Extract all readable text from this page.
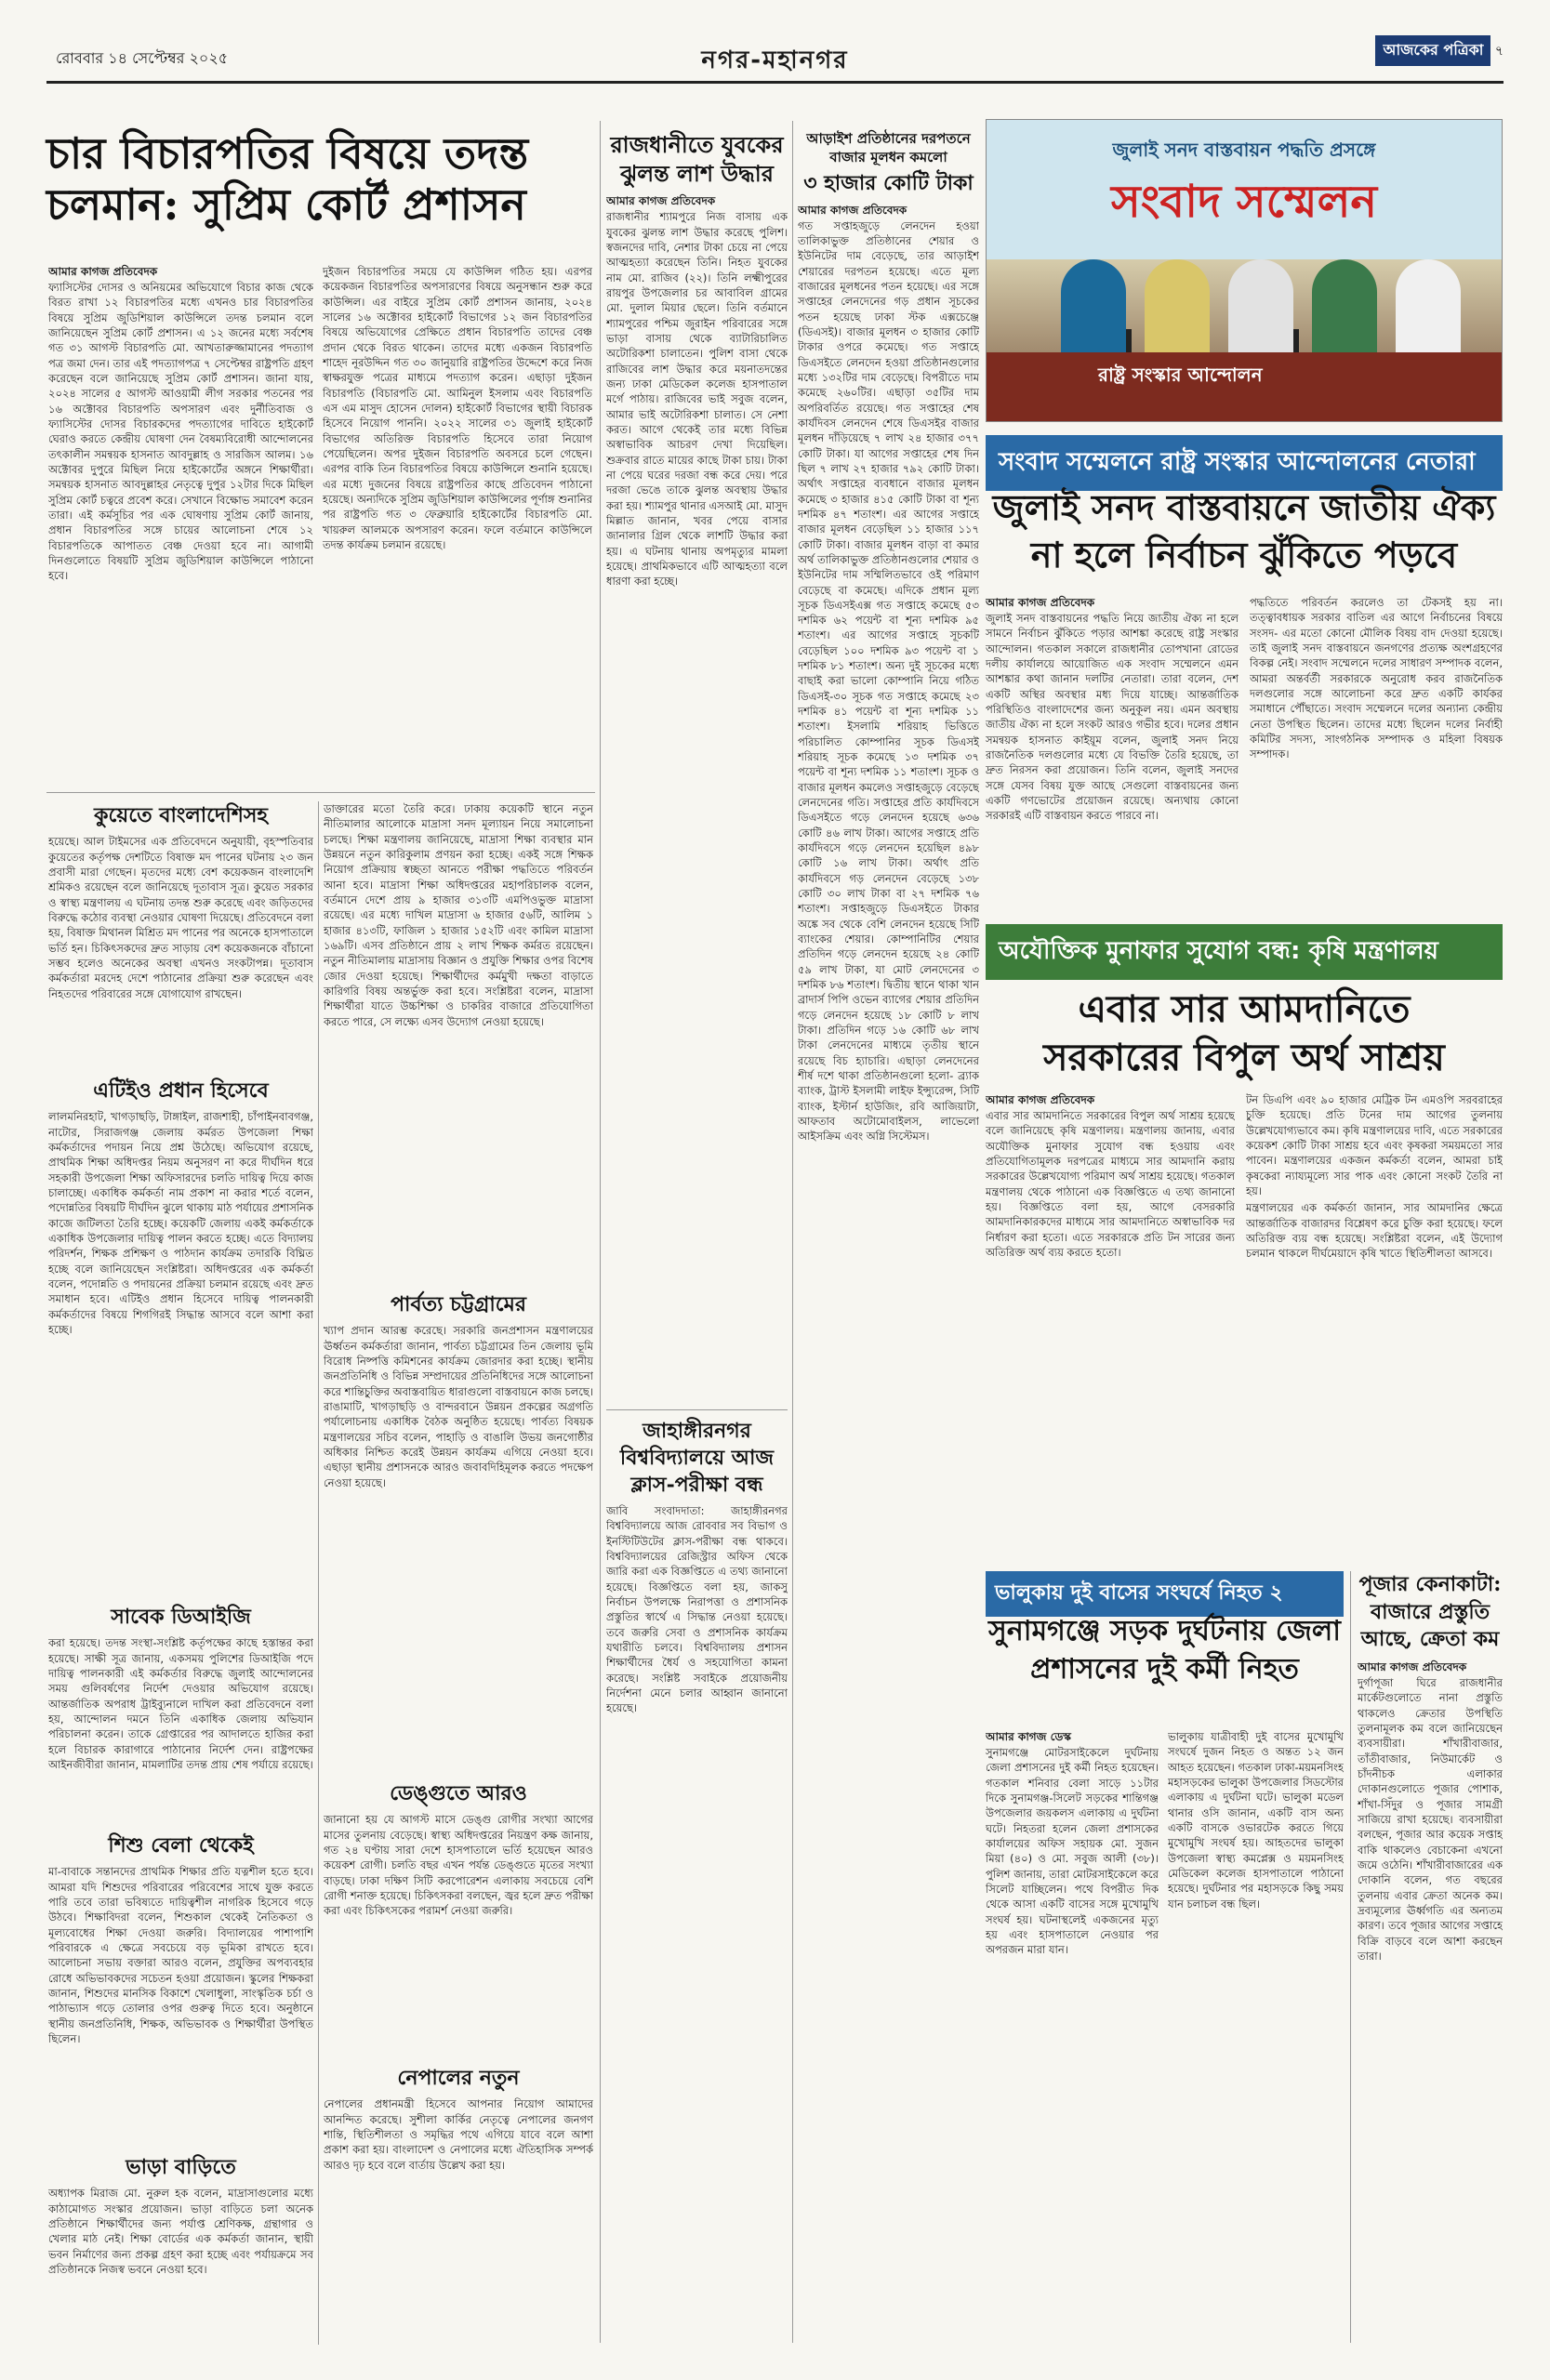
রোববার ১৪ সেপ্টেম্বর ২০২৫	নগর-মহানগর	আজকের পত্রিকা ৭
চার বিচারপতির বিষয়ে তদন্ত
চলমান: সুপ্রিম কোর্ট প্রশাসন
আমার কাগজ প্রতিবেদক

ফ্যাসিস্টের দোসর ও অনিয়মের অভিযোগে বিচার কাজ থেকে বিরত রাখা ১২ বিচারপতির মধ্যে এখনও চার বিচারপতির বিষয়ে সুপ্রিম জুডিশিয়াল কাউন্সিলে তদন্ত চলমান বলে জানিয়েছেন সুপ্রিম কোর্ট প্রশাসন। এ ১২ জনের মধ্যে সর্বশেষ গত ৩১ আগস্ট বিচারপতি মো. আখতারুজ্জামানের পদত্যাগ পত্র জমা দেন। তার এই পদত্যাগপত্র ৭ সেপ্টেম্বর রাষ্ট্রপতি গ্রহণ করেছেন বলে জানিয়েছে সুপ্রিম কোর্ট প্রশাসন। জানা যায়, ২০২৪ সালের ৫ আগস্ট আওয়ামী লীগ সরকার পতনের পর ১৬ অক্টোবর বিচারপতি অপসারণ এবং দুর্নীতিবাজ ও ফ্যাসিস্টের দোসর বিচারকদের পদত্যাগের দাবিতে হাইকোর্ট ঘেরাও করতে কেন্দ্রীয় ঘোষণা দেন বৈষম্যবিরোধী আন্দোলনের তৎকালীন সমন্বয়ক হাসনাত আবদুল্লাহ ও সারজিস আলম। ১৬ অক্টোবর দুপুরে মিছিল নিয়ে হাইকোর্টের অঙ্গনে শিক্ষার্থীরা। সমন্বয়ক হাসনাত আবদুল্লাহর নেতৃত্বে দুপুর ১২টার দিকে মিছিল সুপ্রিম কোর্ট চত্বরে প্রবেশ করে। সেখানে বিক্ষোভ সমাবেশ করেন তারা। এই কর্মসূচির পর এক ঘোষণায় সুপ্রিম কোর্ট জানায়, প্রধান বিচারপতির সঙ্গে চায়ের আলোচনা শেষে ১২ বিচারপতিকে আপাতত বেঞ্চ দেওয়া হবে না। আগামী দিনগুলোতে বিষয়টি সুপ্রিম জুডিশিয়াল কাউন্সিলে পাঠানো হবে।

দুইজন বিচারপতির সময়ে যে কাউন্সিল গঠিত হয়। এরপর কয়েকজন বিচারপতির অপসারণের বিষয়ে অনুসন্ধান শুরু করে কাউন্সিল। এর বাইরে সুপ্রিম কোর্ট প্রশাসন জানায়, ২০২৪ সালের ১৬ অক্টোবর হাইকোর্ট বিভাগের ১২ জন বিচারপতির বিষয়ে অভিযোগের প্রেক্ষিতে প্রধান বিচারপতি তাদের বেঞ্চ প্রদান থেকে বিরত থাকেন। তাদের মধ্যে একজন বিচারপতি শাহেদ নূরউদ্দিন গত ৩০ জানুয়ারি রাষ্ট্রপতির উদ্দেশে করে নিজ স্বাক্ষরযুক্ত পত্রের মাধ্যমে পদত্যাগ করেন। এছাড়া দুইজন বিচারপতি (বিচারপতি মো. আমিনুল ইসলাম এবং বিচারপতি এস এম মাসুদ হোসেন দোলন) হাইকোর্ট বিভাগের স্থায়ী বিচারক হিসেবে নিয়োগ পাননি। ২০২২ সালের ৩১ জুলাই হাইকোর্ট বিভাগের অতিরিক্ত বিচারপতি হিসেবে তারা নিয়োগ পেয়েছিলেন। অপর দুইজন বিচারপতি অবসরে চলে গেছেন। এরপর বাকি তিন বিচারপতির বিষয়ে কাউন্সিলে শুনানি হয়েছে। এর মধ্যে দুজনের বিষয়ে রাষ্ট্রপতির কাছে প্রতিবেদন পাঠানো হয়েছে। অন্যদিকে সুপ্রিম জুডিশিয়াল কাউন্সিলের পূর্ণাঙ্গ শুনানির পর রাষ্ট্রপতি গত ৩ ফেব্রুয়ারি হাইকোর্টের বিচারপতি মো. খায়রুল আলমকে অপসারণ করেন। ফলে বর্তমানে কাউন্সিলে তদন্ত কার্যক্রম চলমান রয়েছে।

কুয়েতে বাংলাদেশিসহ

হয়েছে। আল টাইমসের এক প্রতিবেদনে অনুযায়ী, বৃহস্পতিবার কুয়েতের কর্তৃপক্ষ দেশটিতে বিষাক্ত মদ পানের ঘটনায় ২৩ জন প্রবাসী মারা গেছেন। মৃতদের মধ্যে বেশ কয়েকজন বাংলাদেশি শ্রমিকও রয়েছেন বলে জানিয়েছে দূতাবাস সূত্র। কুয়েত সরকার ও স্বাস্থ্য মন্ত্রণালয় এ ঘটনায় তদন্ত শুরু করেছে এবং জড়িতদের বিরুদ্ধে কঠোর ব্যবস্থা নেওয়ার ঘোষণা দিয়েছে। প্রতিবেদনে বলা হয়, বিষাক্ত মিথানল মিশ্রিত মদ পানের পর অনেকে হাসপাতালে ভর্তি হন। চিকিৎসকদের দ্রুত সাড়ায় বেশ কয়েকজনকে বাঁচানো সম্ভব হলেও অনেকের অবস্থা এখনও সংকটাপন্ন। দূতাবাস কর্মকর্তারা মরদেহ দেশে পাঠানোর প্রক্রিয়া শুরু করেছেন এবং নিহতদের পরিবারের সঙ্গে যোগাযোগ রাখছেন।

এটিইও প্রধান হিসেবে

লালমনিরহাট, খাগড়াছড়ি, টাঙ্গাইল, রাজশাহী, চাঁপাইনবাবগঞ্জ, নাটোর, সিরাজগঞ্জ জেলায় কর্মরত উপজেলা শিক্ষা কর্মকর্তাদের পদায়ন নিয়ে প্রশ্ন উঠেছে। অভিযোগ রয়েছে, প্রাথমিক শিক্ষা অধিদপ্তর নিয়ম অনুসরণ না করে দীর্ঘদিন ধরে সহকারী উপজেলা শিক্ষা অফিসারদের চলতি দায়িত্ব দিয়ে কাজ চালাচ্ছে। একাধিক কর্মকর্তা নাম প্রকাশ না করার শর্তে বলেন, পদোন্নতির বিষয়টি দীর্ঘদিন ঝুলে থাকায় মাঠ পর্যায়ের প্রশাসনিক কাজে জটিলতা তৈরি হচ্ছে। কয়েকটি জেলায় একই কর্মকর্তাকে একাধিক উপজেলার দায়িত্ব পালন করতে হচ্ছে। এতে বিদ্যালয় পরিদর্শন, শিক্ষক প্রশিক্ষণ ও পাঠদান কার্যক্রম তদারকি বিঘ্নিত হচ্ছে বলে জানিয়েছেন সংশ্লিষ্টরা। অধিদপ্তরের এক কর্মকর্তা বলেন, পদোন্নতি ও পদায়নের প্রক্রিয়া চলমান রয়েছে এবং দ্রুত সমাধান হবে। এটিইও প্রধান হিসেবে দায়িত্ব পালনকারী কর্মকর্তাদের বিষয়ে শিগগিরই সিদ্ধান্ত আসবে বলে আশা করা হচ্ছে।

সাবেক ডিআইজি

করা হয়েছে। তদন্ত সংস্থা-সংশ্লিষ্ট কর্তৃপক্ষের কাছে হস্তান্তর করা হয়েছে। সাক্ষী সূত্র জানায়, একসময় পুলিশের ডিআইজি পদে দায়িত্ব পালনকারী এই কর্মকর্তার বিরুদ্ধে জুলাই আন্দোলনের সময় গুলিবর্ষণের নির্দেশ দেওয়ার অভিযোগ রয়েছে। আন্তর্জাতিক অপরাধ ট্রাইব্যুনালে দাখিল করা প্রতিবেদনে বলা হয়, আন্দোলন দমনে তিনি একাধিক জেলায় অভিযান পরিচালনা করেন। তাকে গ্রেপ্তারের পর আদালতে হাজির করা হলে বিচারক কারাগারে পাঠানোর নির্দেশ দেন। রাষ্ট্রপক্ষের আইনজীবীরা জানান, মামলাটির তদন্ত প্রায় শেষ পর্যায়ে রয়েছে।

শিশু বেলা থেকেই

মা-বাবাকে সন্তানদের প্রাথমিক শিক্ষার প্রতি যত্নশীল হতে হবে। আমরা যদি শিশুদের পরিবারের পরিবেশের সাথে যুক্ত করতে পারি তবে তারা ভবিষ্যতে দায়িত্বশীল নাগরিক হিসেবে গড়ে উঠবে। শিক্ষাবিদরা বলেন, শিশুকাল থেকেই নৈতিকতা ও মূল্যবোধের শিক্ষা দেওয়া জরুরি। বিদ্যালয়ের পাশাপাশি পরিবারকে এ ক্ষেত্রে সবচেয়ে বড় ভূমিকা রাখতে হবে। আলোচনা সভায় বক্তারা আরও বলেন, প্রযুক্তির অপব্যবহার রোধে অভিভাবকদের সচেতন হওয়া প্রয়োজন। স্কুলের শিক্ষকরা জানান, শিশুদের মানসিক বিকাশে খেলাধুলা, সাংস্কৃতিক চর্চা ও পাঠাভ্যাস গড়ে তোলার ওপর গুরুত্ব দিতে হবে। অনুষ্ঠানে স্থানীয় জনপ্রতিনিধি, শিক্ষক, অভিভাবক ও শিক্ষার্থীরা উপস্থিত ছিলেন।

ভাড়া বাড়িতে

অধ্যাপক মিরাজ মো. নুরুল হক বলেন, মাদ্রাসাগুলোর মধ্যে কাঠামোগত সংস্কার প্রয়োজন। ভাড়া বাড়িতে চলা অনেক প্রতিষ্ঠানে শিক্ষার্থীদের জন্য পর্যাপ্ত শ্রেণিকক্ষ, গ্রন্থাগার ও খেলার মাঠ নেই। শিক্ষা বোর্ডের এক কর্মকর্তা জানান, স্থায়ী ভবন নির্মাণের জন্য প্রকল্প গ্রহণ করা হচ্ছে এবং পর্যায়ক্রমে সব প্রতিষ্ঠানকে নিজস্ব ভবনে নেওয়া হবে।

ডাক্তারের মতো তৈরি করে। ঢাকায় কয়েকটি স্থানে নতুন নীতিমালার আলোকে মাদ্রাসা সনদ মূল্যায়ন নিয়ে সমালোচনা চলছে। শিক্ষা মন্ত্রণালয় জানিয়েছে, মাদ্রাসা শিক্ষা ব্যবস্থার মান উন্নয়নে নতুন কারিকুলাম প্রণয়ন করা হচ্ছে। একই সঙ্গে শিক্ষক নিয়োগ প্রক্রিয়ায় স্বচ্ছতা আনতে পরীক্ষা পদ্ধতিতে পরিবর্তন আনা হবে। মাদ্রাসা শিক্ষা অধিদপ্তরের মহাপরিচালক বলেন, বর্তমানে দেশে প্রায় ৯ হাজার ৩১৩টি এমপিওভুক্ত মাদ্রাসা রয়েছে। এর মধ্যে দাখিল মাদ্রাসা ৬ হাজার ৫৬টি, আলিম ১ হাজার ৪১৩টি, ফাজিল ১ হাজার ১৫২টি এবং কামিল মাদ্রাসা ১৬৯টি। এসব প্রতিষ্ঠানে প্রায় ২ লাখ শিক্ষক কর্মরত রয়েছেন। নতুন নীতিমালায় মাদ্রাসায় বিজ্ঞান ও প্রযুক্তি শিক্ষার ওপর বিশেষ জোর দেওয়া হয়েছে। শিক্ষার্থীদের কর্মমুখী দক্ষতা বাড়াতে কারিগরি বিষয় অন্তর্ভুক্ত করা হবে। সংশ্লিষ্টরা বলেন, মাদ্রাসা শিক্ষার্থীরা যাতে উচ্চশিক্ষা ও চাকরির বাজারে প্রতিযোগিতা করতে পারে, সে লক্ষ্যে এসব উদ্যোগ নেওয়া হয়েছে।

পার্বত্য চট্টগ্রামের

খ্যাপ প্রদান আরম্ভ করেছে। সরকারি জনপ্রশাসন মন্ত্রণালয়ের ঊর্ধ্বতন কর্মকর্তারা জানান, পার্বত্য চট্টগ্রামের তিন জেলায় ভূমি বিরোধ নিষ্পত্তি কমিশনের কার্যক্রম জোরদার করা হচ্ছে। স্থানীয় জনপ্রতিনিধি ও বিভিন্ন সম্প্রদায়ের প্রতিনিধিদের সঙ্গে আলোচনা করে শান্তিচুক্তির অবাস্তবায়িত ধারাগুলো বাস্তবায়নে কাজ চলছে। রাঙামাটি, খাগড়াছড়ি ও বান্দরবানে উন্নয়ন প্রকল্পের অগ্রগতি পর্যালোচনায় একাধিক বৈঠক অনুষ্ঠিত হয়েছে। পার্বত্য বিষয়ক মন্ত্রণালয়ের সচিব বলেন, পাহাড়ি ও বাঙালি উভয় জনগোষ্ঠীর অধিকার নিশ্চিত করেই উন্নয়ন কার্যক্রম এগিয়ে নেওয়া হবে। এছাড়া স্থানীয় প্রশাসনকে আরও জবাবদিহিমূলক করতে পদক্ষেপ নেওয়া হয়েছে।

ডেঙ্গুতে আরও

জানানো হয় যে আগস্ট মাসে ডেঙ্গু রোগীর সংখ্যা আগের মাসের তুলনায় বেড়েছে। স্বাস্থ্য অধিদপ্তরের নিয়ন্ত্রণ কক্ষ জানায়, গত ২৪ ঘণ্টায় সারা দেশে হাসপাতালে ভর্তি হয়েছেন আরও কয়েকশ রোগী। চলতি বছর এখন পর্যন্ত ডেঙ্গুতে মৃতের সংখ্যা বাড়ছে। ঢাকা দক্ষিণ সিটি করপোরেশন এলাকায় সবচেয়ে বেশি রোগী শনাক্ত হয়েছে। চিকিৎসকরা বলছেন, জ্বর হলে দ্রুত পরীক্ষা করা এবং চিকিৎসকের পরামর্শ নেওয়া জরুরি।

নেপালের নতুন

নেপালের প্রধানমন্ত্রী হিসেবে আপনার নিয়োগ আমাদের আনন্দিত করেছে। সুশীলা কার্কির নেতৃত্বে নেপালের জনগণ শান্তি, স্থিতিশীলতা ও সমৃদ্ধির পথে এগিয়ে যাবে বলে আশা প্রকাশ করা হয়। বাংলাদেশ ও নেপালের মধ্যে ঐতিহাসিক সম্পর্ক আরও দৃঢ় হবে বলে বার্তায় উল্লেখ করা হয়।

রাজধানীতে যুবকের ঝুলন্ত লাশ উদ্ধার
আমার কাগজ প্রতিবেদক

রাজধানীর শ্যামপুরে নিজ বাসায় এক যুবকের ঝুলন্ত লাশ উদ্ধার করেছে পুলিশ। স্বজনদের দাবি, নেশার টাকা চেয়ে না পেয়ে আত্মহত্যা করেছেন তিনি। নিহত যুবকের নাম মো. রাজিব (২২)। তিনি লক্ষ্মীপুরের রায়পুর উপজেলার চর আবাবিল গ্রামের মো. দুলাল মিয়ার ছেলে। তিনি বর্তমানে শ্যামপুরের পশ্চিম জুরাইন পরিবারের সঙ্গে ভাড়া বাসায় থেকে ব্যাটারিচালিত অটোরিকশা চালাতেন। পুলিশ বাসা থেকে রাজিবের লাশ উদ্ধার করে ময়নাতদন্তের জন্য ঢাকা মেডিকেল কলেজ হাসপাতাল মর্গে পাঠায়। রাজিবের ভাই সবুজ বলেন, আমার ভাই অটোরিকশা চালাত। সে নেশা করত। আগে থেকেই তার মধ্যে বিভিন্ন অস্বাভাবিক আচরণ দেখা দিয়েছিল। শুক্রবার রাতে মায়ের কাছে টাকা চায়। টাকা না পেয়ে ঘরের দরজা বন্ধ করে দেয়। পরে দরজা ভেঙে তাকে ঝুলন্ত অবস্থায় উদ্ধার করা হয়। শ্যামপুর থানার এসআই মো. মাসুদ মিল্লাত জানান, খবর পেয়ে বাসার জানালার গ্রিল থেকে লাশটি উদ্ধার করা হয়। এ ঘটনায় থানায় অপমৃত্যুর মামলা হয়েছে। প্রাথমিকভাবে এটি আত্মহত্যা বলে ধারণা করা হচ্ছে।

জাহাঙ্গীরনগর বিশ্ববিদ্যালয়ে আজ ক্লাস-পরীক্ষা বন্ধ

জাবি সংবাদদাতা: জাহাঙ্গীরনগর বিশ্ববিদ্যালয়ে আজ রোববার সব বিভাগ ও ইনস্টিটিউটের ক্লাস-পরীক্ষা বন্ধ থাকবে। বিশ্ববিদ্যালয়ের রেজিস্ট্রার অফিস থেকে জারি করা এক বিজ্ঞপ্তিতে এ তথ্য জানানো হয়েছে। বিজ্ঞপ্তিতে বলা হয়, জাকসু নির্বাচন উপলক্ষে নিরাপত্তা ও প্রশাসনিক প্রস্তুতির স্বার্থে এ সিদ্ধান্ত নেওয়া হয়েছে। তবে জরুরি সেবা ও প্রশাসনিক কার্যক্রম যথারীতি চলবে। বিশ্ববিদ্যালয় প্রশাসন শিক্ষার্থীদের ধৈর্য ও সহযোগিতা কামনা করেছে। সংশ্লিষ্ট সবাইকে প্রয়োজনীয় নির্দেশনা মেনে চলার আহ্বান জানানো হয়েছে।

আড়াইশ প্রতিষ্ঠানের দরপতনে বাজার মূলধন কমলো
৩ হাজার কোটি টাকা
আমার কাগজ প্রতিবেদক

গত সপ্তাহজুড়ে লেনদেন হওয়া তালিকাভুক্ত প্রতিষ্ঠানের শেয়ার ও ইউনিটের দাম বেড়েছে, তার আড়াইশ শেয়ারের দরপতন হয়েছে। এতে মূল্য বাজারের মূলধনের পতন হয়েছে। এর সঙ্গে সপ্তাহের লেনদেনের গড় প্রধান সূচকের পতন হয়েছে ঢাকা স্টক এক্সচেঞ্জে (ডিএসই)। বাজার মূলধন ৩ হাজার কোটি টাকার ওপরে কমেছে। গত সপ্তাহে ডিএসইতে লেনদেন হওয়া প্রতিষ্ঠানগুলোর মধ্যে ১৩২টির দাম বেড়েছে। বিপরীতে দাম কমেছে ২৬০টির। এছাড়া ৩৫টির দাম অপরিবর্তিত রয়েছে। গত সপ্তাহের শেষ কার্যদিবস লেনদেন শেষে ডিএসইর বাজার মূলধন দাঁড়িয়েছে ৭ লাখ ২৪ হাজার ৩৭৭ কোটি টাকা। যা আগের সপ্তাহের শেষ দিন ছিল ৭ লাখ ২৭ হাজার ৭৯২ কোটি টাকা। অর্থাৎ সপ্তাহের ব্যবধানে বাজার মূলধন কমেছে ৩ হাজার ৪১৫ কোটি টাকা বা শূন্য দশমিক ৪৭ শতাংশ। এর আগের সপ্তাহে বাজার মূলধন বেড়েছিল ১১ হাজার ১১৭ কোটি টাকা। বাজার মূলধন বাড়া বা কমার অর্থ তালিকাভুক্ত প্রতিষ্ঠানগুলোর শেয়ার ও ইউনিটের দাম সম্মিলিতভাবে ওই পরিমাণ বেড়েছে বা কমেছে। এদিকে প্রধান মূল্য সূচক ডিএসইএক্স গত সপ্তাহে কমেছে ৫৩ দশমিক ৬২ পয়েন্ট বা শূন্য দশমিক ৯৫ শতাংশ। এর আগের সপ্তাহে সূচকটি বেড়েছিল ১০০ দশমিক ৯৩ পয়েন্ট বা ১ দশমিক ৮১ শতাংশ। অন্য দুই সূচকের মধ্যে বাছাই করা ভালো কোম্পানি নিয়ে গঠিত ডিএসই-৩০ সূচক গত সপ্তাহে কমেছে ২৩ দশমিক ৪১ পয়েন্ট বা শূন্য দশমিক ১১ শতাংশ। ইসলামি শরিয়াহ ভিত্তিতে পরিচালিত কোম্পানির সূচক ডিএসই শরিয়াহ সূচক কমেছে ১৩ দশমিক ৩৭ পয়েন্ট বা শূন্য দশমিক ১১ শতাংশ। সূচক ও বাজার মূলধন কমলেও সপ্তাহজুড়ে বেড়েছে লেনদেনের গতি। সপ্তাহের প্রতি কার্যদিবসে ডিএসইতে গড়ে লেনদেন হয়েছে ৬৩৬ কোটি ৪৬ লাখ টাকা। আগের সপ্তাহে প্রতি কার্যদিবসে গড়ে লেনদেন হয়েছিল ৪৯৮ কোটি ১৬ লাখ টাকা। অর্থাৎ প্রতি কার্যদিবসে গড় লেনদেন বেড়েছে ১৩৮ কোটি ৩০ লাখ টাকা বা ২৭ দশমিক ৭৬ শতাংশ। সপ্তাহজুড়ে ডিএসইতে টাকার অঙ্কে সব থেকে বেশি লেনদেন হয়েছে সিটি ব্যাংকের শেয়ার। কোম্পানিটির শেয়ার প্রতিদিন গড়ে লেনদেন হয়েছে ২৪ কোটি ৫৯ লাখ টাকা, যা মোট লেনদেনের ৩ দশমিক ৮৬ শতাংশ। দ্বিতীয় স্থানে থাকা খান ব্রাদার্স পিপি ওভেন ব্যাগের শেয়ার প্রতিদিন গড়ে লেনদেন হয়েছে ১৮ কোটি ৮ লাখ টাকা। প্রতিদিন গড়ে ১৬ কোটি ৬৮ লাখ টাকা লেনদেনের মাধ্যমে তৃতীয় স্থানে রয়েছে বিচ হ্যাচারি। এছাড়া লেনদেনের শীর্ষ দশে থাকা প্রতিষ্ঠানগুলো হলো- ব্র্যাক ব্যাংক, ট্রাস্ট ইসলামী লাইফ ইন্স্যুরেন্স, সিটি ব্যাংক, ইস্টার্ন হাউজিং, রবি আজিয়াটা, আফতাব অটোমোবাইলস, লাভেলো আইসক্রিম এবং অগ্নি সিস্টেমস।

জুলাই সনদ বাস্তবায়ন পদ্ধতি প্রসঙ্গে
সংবাদ সম্মেলন
রাষ্ট্র সংস্কার আন্দোলন
সংবাদ সম্মেলনে রাষ্ট্র সংস্কার আন্দোলনের নেতারা
জুলাই সনদ বাস্তবায়নে জাতীয় ঐক্য
না হলে নির্বাচন ঝুঁকিতে পড়বে
আমার কাগজ প্রতিবেদক

জুলাই সনদ বাস্তবায়নের পদ্ধতি নিয়ে জাতীয় ঐক্য না হলে সামনে নির্বাচন ঝুঁকিতে পড়ার আশঙ্কা করেছে রাষ্ট্র সংস্কার আন্দোলন। গতকাল সকালে রাজধানীর তোপখানা রোডের দলীয় কার্যালয়ে আয়োজিত এক সংবাদ সম্মেলনে এমন আশঙ্কার কথা জানান দলটির নেতারা। তারা বলেন, দেশ একটি অস্থির অবস্থার মধ্য দিয়ে যাচ্ছে। আন্তর্জাতিক পরিস্থিতিও বাংলাদেশের জন্য অনুকূল নয়। এমন অবস্থায় জাতীয় ঐক্য না হলে সংকট আরও গভীর হবে। দলের প্রধান সমন্বয়ক হাসনাত কাইয়ূম বলেন, জুলাই সনদ নিয়ে রাজনৈতিক দলগুলোর মধ্যে যে বিভক্তি তৈরি হয়েছে, তা দ্রুত নিরসন করা প্রয়োজন। তিনি বলেন, জুলাই সনদের সঙ্গে যেসব বিষয় যুক্ত আছে সেগুলো বাস্তবায়নের জন্য একটি গণভোটের প্রয়োজন রয়েছে। অন্যথায় কোনো সরকারই এটি বাস্তবায়ন করতে পারবে না।

পদ্ধতিতে পরিবর্তন করলেও তা টেকসই হয় না। তত্ত্বাবধায়ক সরকার বাতিল এর আগে নির্বাচনের বিষয়ে সংসদ- এর মতো কোনো মৌলিক বিষয় বাদ দেওয়া হয়েছে। তাই জুলাই সনদ বাস্তবায়নে জনগণের প্রত্যক্ষ অংশগ্রহণের বিকল্প নেই। সংবাদ সম্মেলনে দলের সাধারণ সম্পাদক বলেন, আমরা অন্তর্বর্তী সরকারকে অনুরোধ করব রাজনৈতিক দলগুলোর সঙ্গে আলোচনা করে দ্রুত একটি কার্যকর সমাধানে পৌঁছাতে। সংবাদ সম্মেলনে দলের অন্যান্য কেন্দ্রীয় নেতা উপস্থিত ছিলেন। তাদের মধ্যে ছিলেন দলের নির্বাহী কমিটির সদস্য, সাংগঠনিক সম্পাদক ও মহিলা বিষয়ক সম্পাদক।

অযৌক্তিক মুনাফার সুযোগ বন্ধ: কৃষি মন্ত্রণালয়
এবার সার আমদানিতে
সরকারের বিপুল অর্থ সাশ্রয়
আমার কাগজ প্রতিবেদক

এবার সার আমদানিতে সরকারের বিপুল অর্থ সাশ্রয় হয়েছে বলে জানিয়েছে কৃষি মন্ত্রণালয়। মন্ত্রণালয় জানায়, এবার অযৌক্তিক মুনাফার সুযোগ বন্ধ হওয়ায় এবং প্রতিযোগিতামূলক দরপত্রের মাধ্যমে সার আমদানি করায় সরকারের উল্লেখযোগ্য পরিমাণ অর্থ সাশ্রয় হয়েছে। গতকাল মন্ত্রণালয় থেকে পাঠানো এক বিজ্ঞপ্তিতে এ তথ্য জানানো হয়। বিজ্ঞপ্তিতে বলা হয়, আগে বেসরকারি আমদানিকারকদের মাধ্যমে সার আমদানিতে অস্বাভাবিক দর নির্ধারণ করা হতো। এতে সরকারকে প্রতি টন সারের জন্য অতিরিক্ত অর্থ ব্যয় করতে হতো।

টন ডিএপি এবং ৯০ হাজার মেট্রিক টন এমওপি সরবরাহের চুক্তি হয়েছে। প্রতি টনের দাম আগের তুলনায় উল্লেখযোগ্যভাবে কম। কৃষি মন্ত্রণালয়ের দাবি, এতে সরকারের কয়েকশ কোটি টাকা সাশ্রয় হবে এবং কৃষকরা সময়মতো সার পাবেন। মন্ত্রণালয়ের একজন কর্মকর্তা বলেন, আমরা চাই কৃষকেরা ন্যায্যমূল্যে সার পাক এবং কোনো সংকট তৈরি না হয়।

মন্ত্রণালয়ের এক কর্মকর্তা জানান, সার আমদানির ক্ষেত্রে আন্তর্জাতিক বাজারদর বিশ্লেষণ করে চুক্তি করা হয়েছে। ফলে অতিরিক্ত ব্যয় বন্ধ হয়েছে। সংশ্লিষ্টরা বলেন, এই উদ্যোগ চলমান থাকলে দীর্ঘমেয়াদে কৃষি খাতে স্থিতিশীলতা আসবে।

ভালুকায় দুই বাসের সংঘর্ষে নিহত ২
সুনামগঞ্জে সড়ক দুর্ঘটনায় জেলা প্রশাসনের দুই কর্মী নিহত
আমার কাগজ ডেস্ক

সুনামগঞ্জে মোটরসাইকেলে দুর্ঘটনায় জেলা প্রশাসনের দুই কর্মী নিহত হয়েছেন। গতকাল শনিবার বেলা সাড়ে ১১টার দিকে সুনামগঞ্জ-সিলেট সড়কের শান্তিগঞ্জ উপজেলার জয়কলস এলাকায় এ দুর্ঘটনা ঘটে। নিহতরা হলেন জেলা প্রশাসকের কার্যালয়ের অফিস সহায়ক মো. সুজন মিয়া (৪০) ও মো. সবুজ আলী (৩৮)। পুলিশ জানায়, তারা মোটরসাইকেলে করে সিলেট যাচ্ছিলেন। পথে বিপরীত দিক থেকে আসা একটি বাসের সঙ্গে মুখোমুখি সংঘর্ষ হয়। ঘটনাস্থলেই একজনের মৃত্যু হয় এবং হাসপাতালে নেওয়ার পর অপরজন মারা যান।

ভালুকায় যাত্রীবাহী দুই বাসের মুখোমুখি সংঘর্ষে দুজন নিহত ও অন্তত ১২ জন আহত হয়েছেন। গতকাল ঢাকা-ময়মনসিংহ মহাসড়কের ভালুকা উপজেলার সিডস্টোর এলাকায় এ দুর্ঘটনা ঘটে। ভালুকা মডেল থানার ওসি জানান, একটি বাস অন্য একটি বাসকে ওভারটেক করতে গিয়ে মুখোমুখি সংঘর্ষ হয়। আহতদের ভালুকা উপজেলা স্বাস্থ্য কমপ্লেক্স ও ময়মনসিংহ মেডিকেল কলেজ হাসপাতালে পাঠানো হয়েছে। দুর্ঘটনার পর মহাসড়কে কিছু সময় যান চলাচল বন্ধ ছিল।

পূজার কেনাকাটা: বাজারে প্রস্তুতি আছে, ক্রেতা কম
আমার কাগজ প্রতিবেদক

দুর্গাপূজা ঘিরে রাজধানীর মার্কেটগুলোতে নানা প্রস্তুতি থাকলেও ক্রেতার উপস্থিতি তুলনামূলক কম বলে জানিয়েছেন ব্যবসায়ীরা। শাঁখারীবাজার, তাঁতীবাজার, নিউমার্কেট ও চাঁদনীচক এলাকার দোকানগুলোতে পূজার পোশাক, শাঁখা-সিঁদুর ও পূজার সামগ্রী সাজিয়ে রাখা হয়েছে। ব্যবসায়ীরা বলছেন, পূজার আর কয়েক সপ্তাহ বাকি থাকলেও বেচাকেনা এখনো জমে ওঠেনি। শাঁখারীবাজারের এক দোকানি বলেন, গত বছরের তুলনায় এবার ক্রেতা অনেক কম। দ্রব্যমূল্যের ঊর্ধ্বগতি এর অন্যতম কারণ। তবে পূজার আগের সপ্তাহে বিক্রি বাড়বে বলে আশা করছেন তারা।
